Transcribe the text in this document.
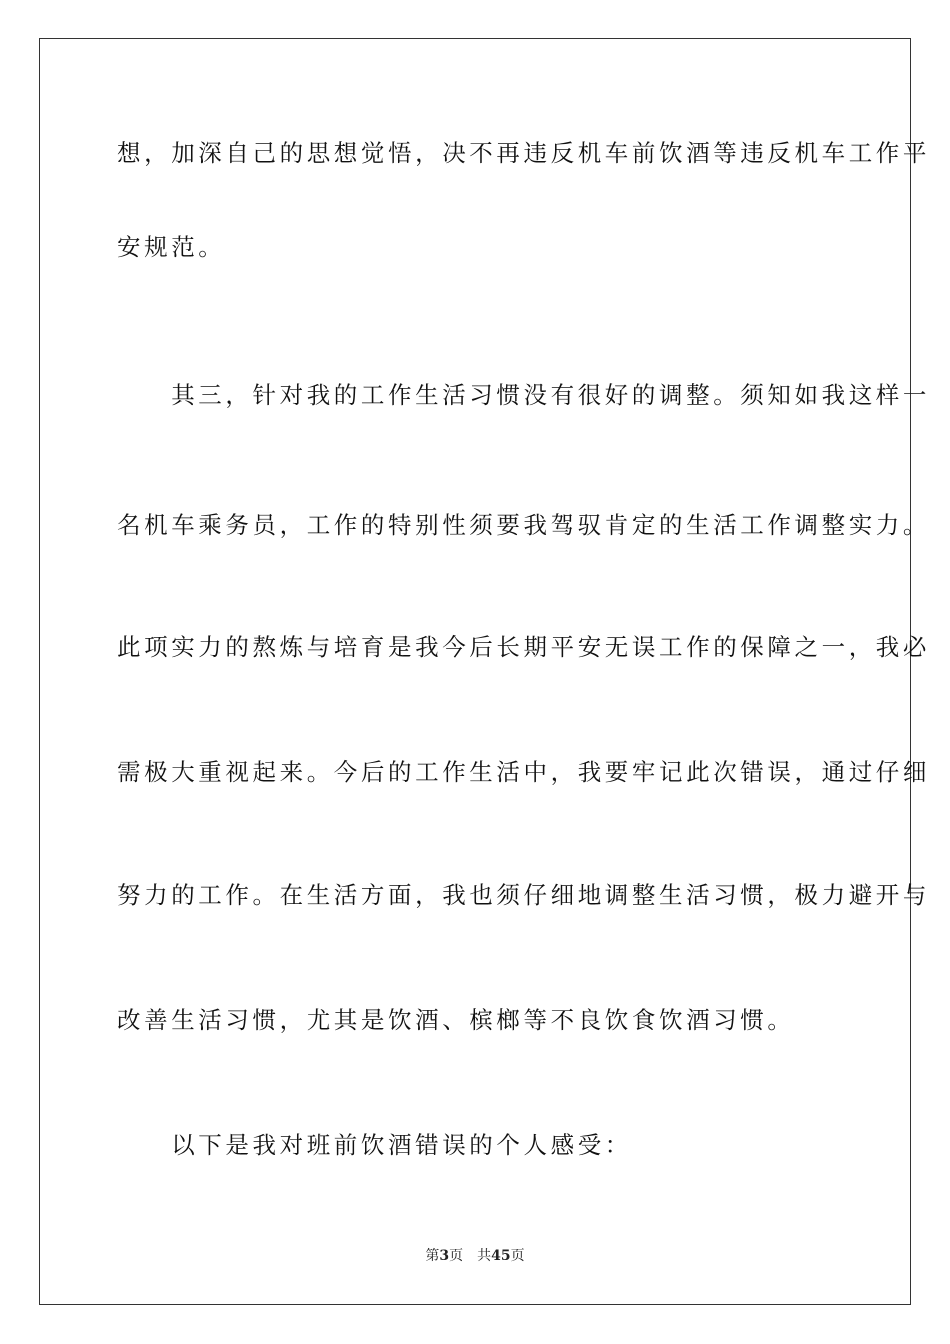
想，加深自己的思想觉悟，决不再违反机车前饮酒等违反机车工作平
安规范。
　　其三，针对我的工作生活习惯没有很好的调整。须知如我这样一
名机车乘务员，工作的特别性须要我驾驭肯定的生活工作调整实力。
此项实力的熬炼与培育是我今后长期平安无误工作的保障之一，我必
需极大重视起来。今后的工作生活中，我要牢记此次错误，通过仔细
努力的工作。在生活方面，我也须仔细地调整生活习惯，极力避开与
改善生活习惯，尤其是饮酒、槟榔等不良饮食饮酒习惯。
　　以下是我对班前饮酒错误的个人感受：
第3页 共45页
